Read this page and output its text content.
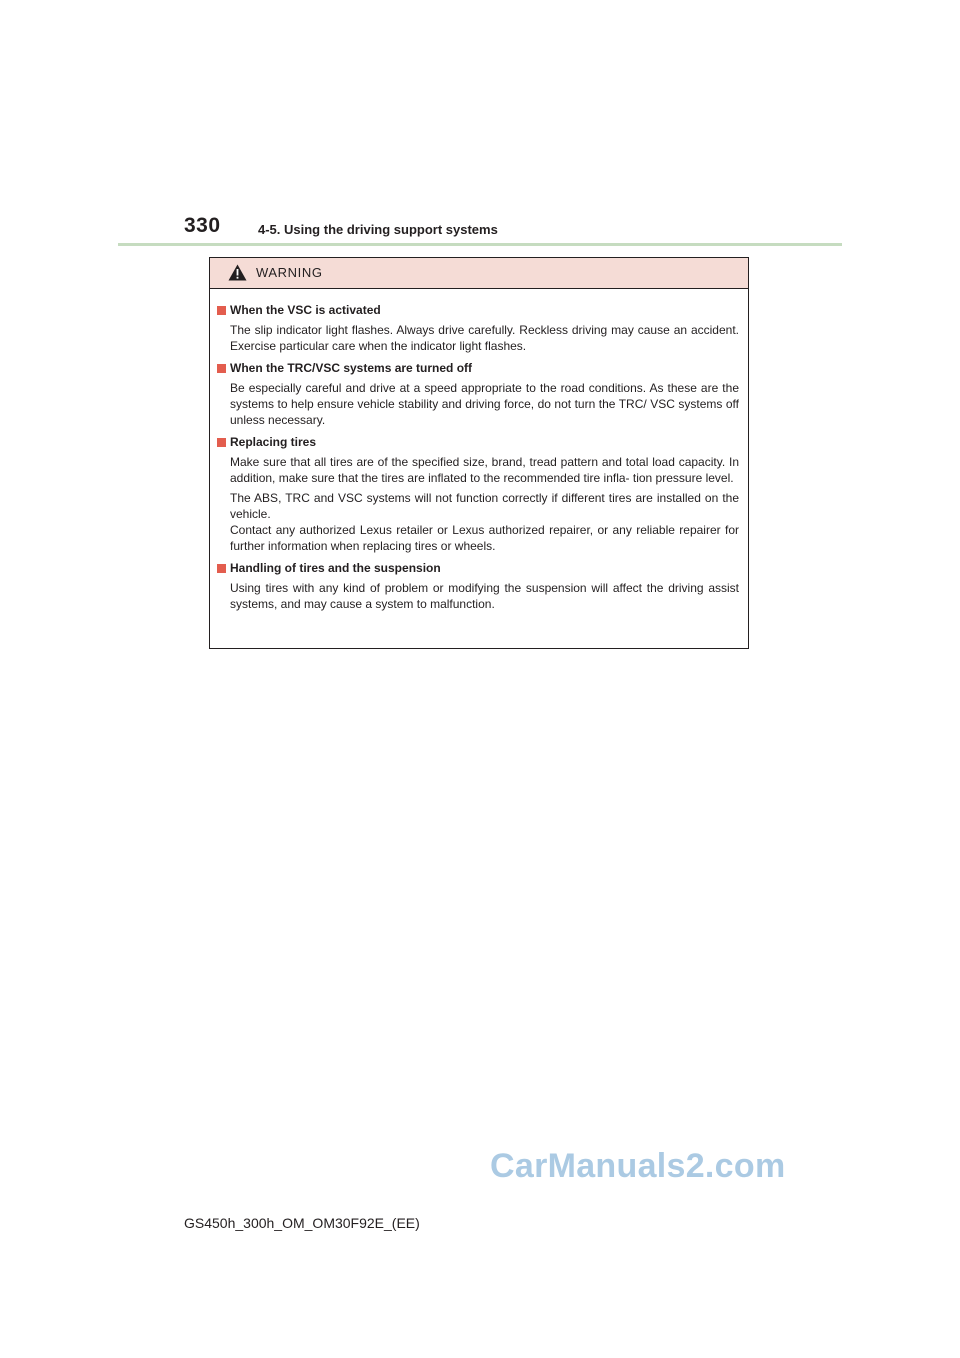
330	4-5. Using the driving support systems
WARNING
When the VSC is activated
The slip indicator light flashes. Always drive carefully. Reckless driving may cause an accident. Exercise particular care when the indicator light flashes.
When the TRC/VSC systems are turned off
Be especially careful and drive at a speed appropriate to the road conditions. As these are the systems to help ensure vehicle stability and driving force, do not turn the TRC/ VSC systems off unless necessary.
Replacing tires
Make sure that all tires are of the specified size, brand, tread pattern and total load capacity. In addition, make sure that the tires are inflated to the recommended tire infla- tion pressure level.
The ABS, TRC and VSC systems will not function correctly if different tires are installed on the vehicle.
Contact any authorized Lexus retailer or Lexus authorized repairer, or any reliable repairer for further information when replacing tires or wheels.
Handling of tires and the suspension
Using tires with any kind of problem or modifying the suspension will affect the driving assist systems, and may cause a system to malfunction.
CarManuals2.com
GS450h_300h_OM_OM30F92E_(EE)
